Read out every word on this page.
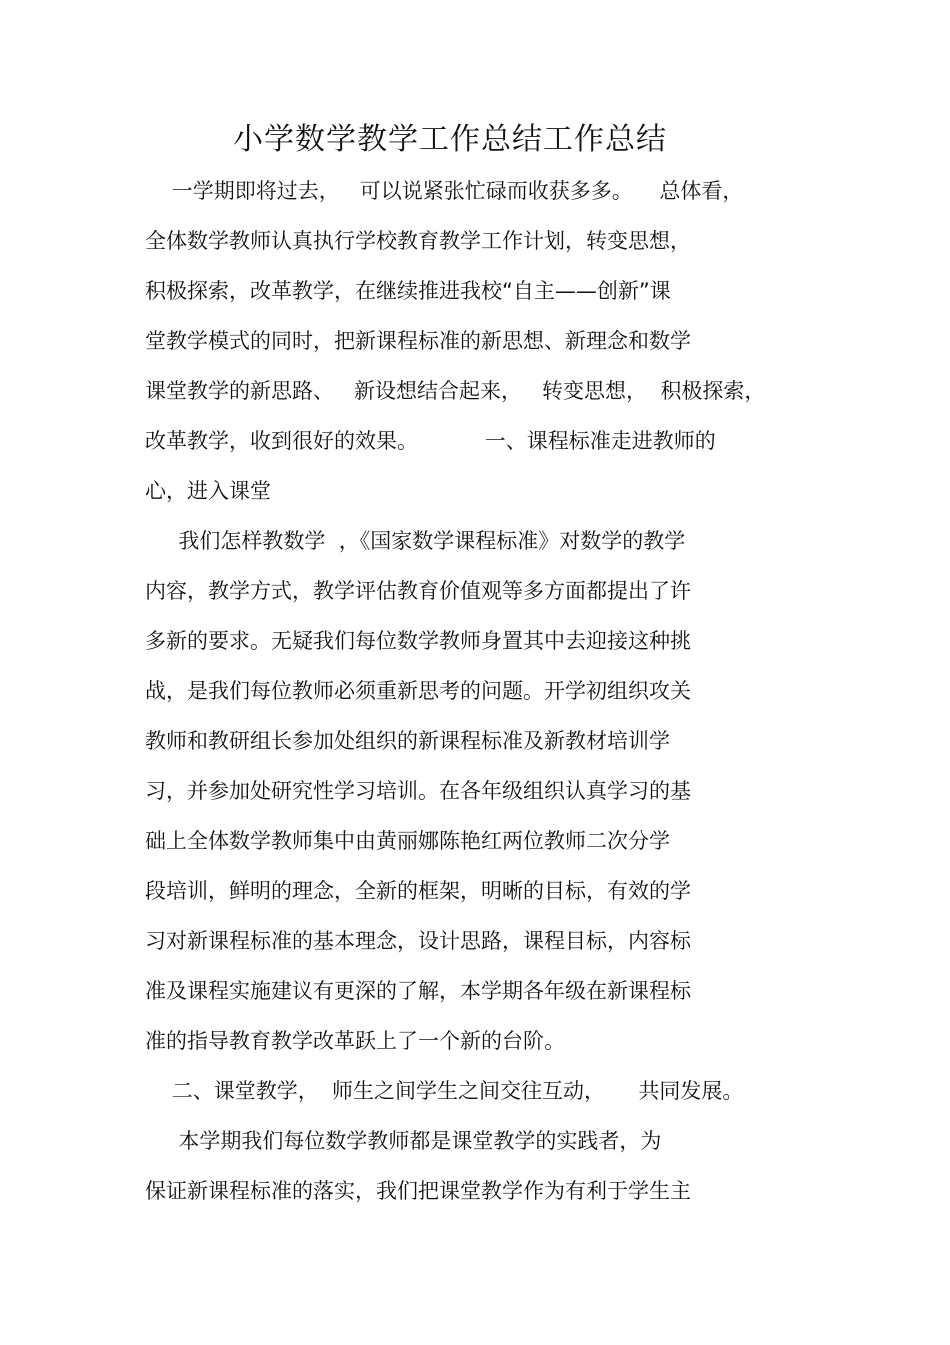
小学数学教学工作总结工作总结
一学期即将过去，   可以说紧张忙碌而收获多多。    总体看，
全体数学教师认真执行学校教育教学工作计划，转变思想，
积极探索，改革教学，在继续推进我校“自主——创新”课
堂教学模式的同时，把新课程标准的新思想、新理念和数学
课堂教学的新思路、   新设想结合起来，   转变思想，  积极探索，
改革教学，收到很好的效果。          一、课程标准走进教师的
心，进入课堂
我们怎样教数学  ，《国家数学课程标准》对数学的教学
内容，教学方式，教学评估教育价值观等多方面都提出了许
多新的要求。无疑我们每位数学教师身置其中去迎接这种挑
战，是我们每位教师必须重新思考的问题。开学初组织攻关
教师和教研组长参加处组织的新课程标准及新教材培训学
习，并参加处研究性学习培训。在各年级组织认真学习的基
础上全体数学教师集中由黄丽娜陈艳红两位教师二次分学
段培训，鲜明的理念，全新的框架，明晰的目标，有效的学
习对新课程标准的基本理念，设计思路，课程目标，内容标
准及课程实施建议有更深的了解，本学期各年级在新课程标
准的指导教育教学改革跃上了一个新的台阶。
二、课堂教学，  师生之间学生之间交往互动，     共同发展。
本学期我们每位数学教师都是课堂教学的实践者，为
保证新课程标准的落实，我们把课堂教学作为有利于学生主
